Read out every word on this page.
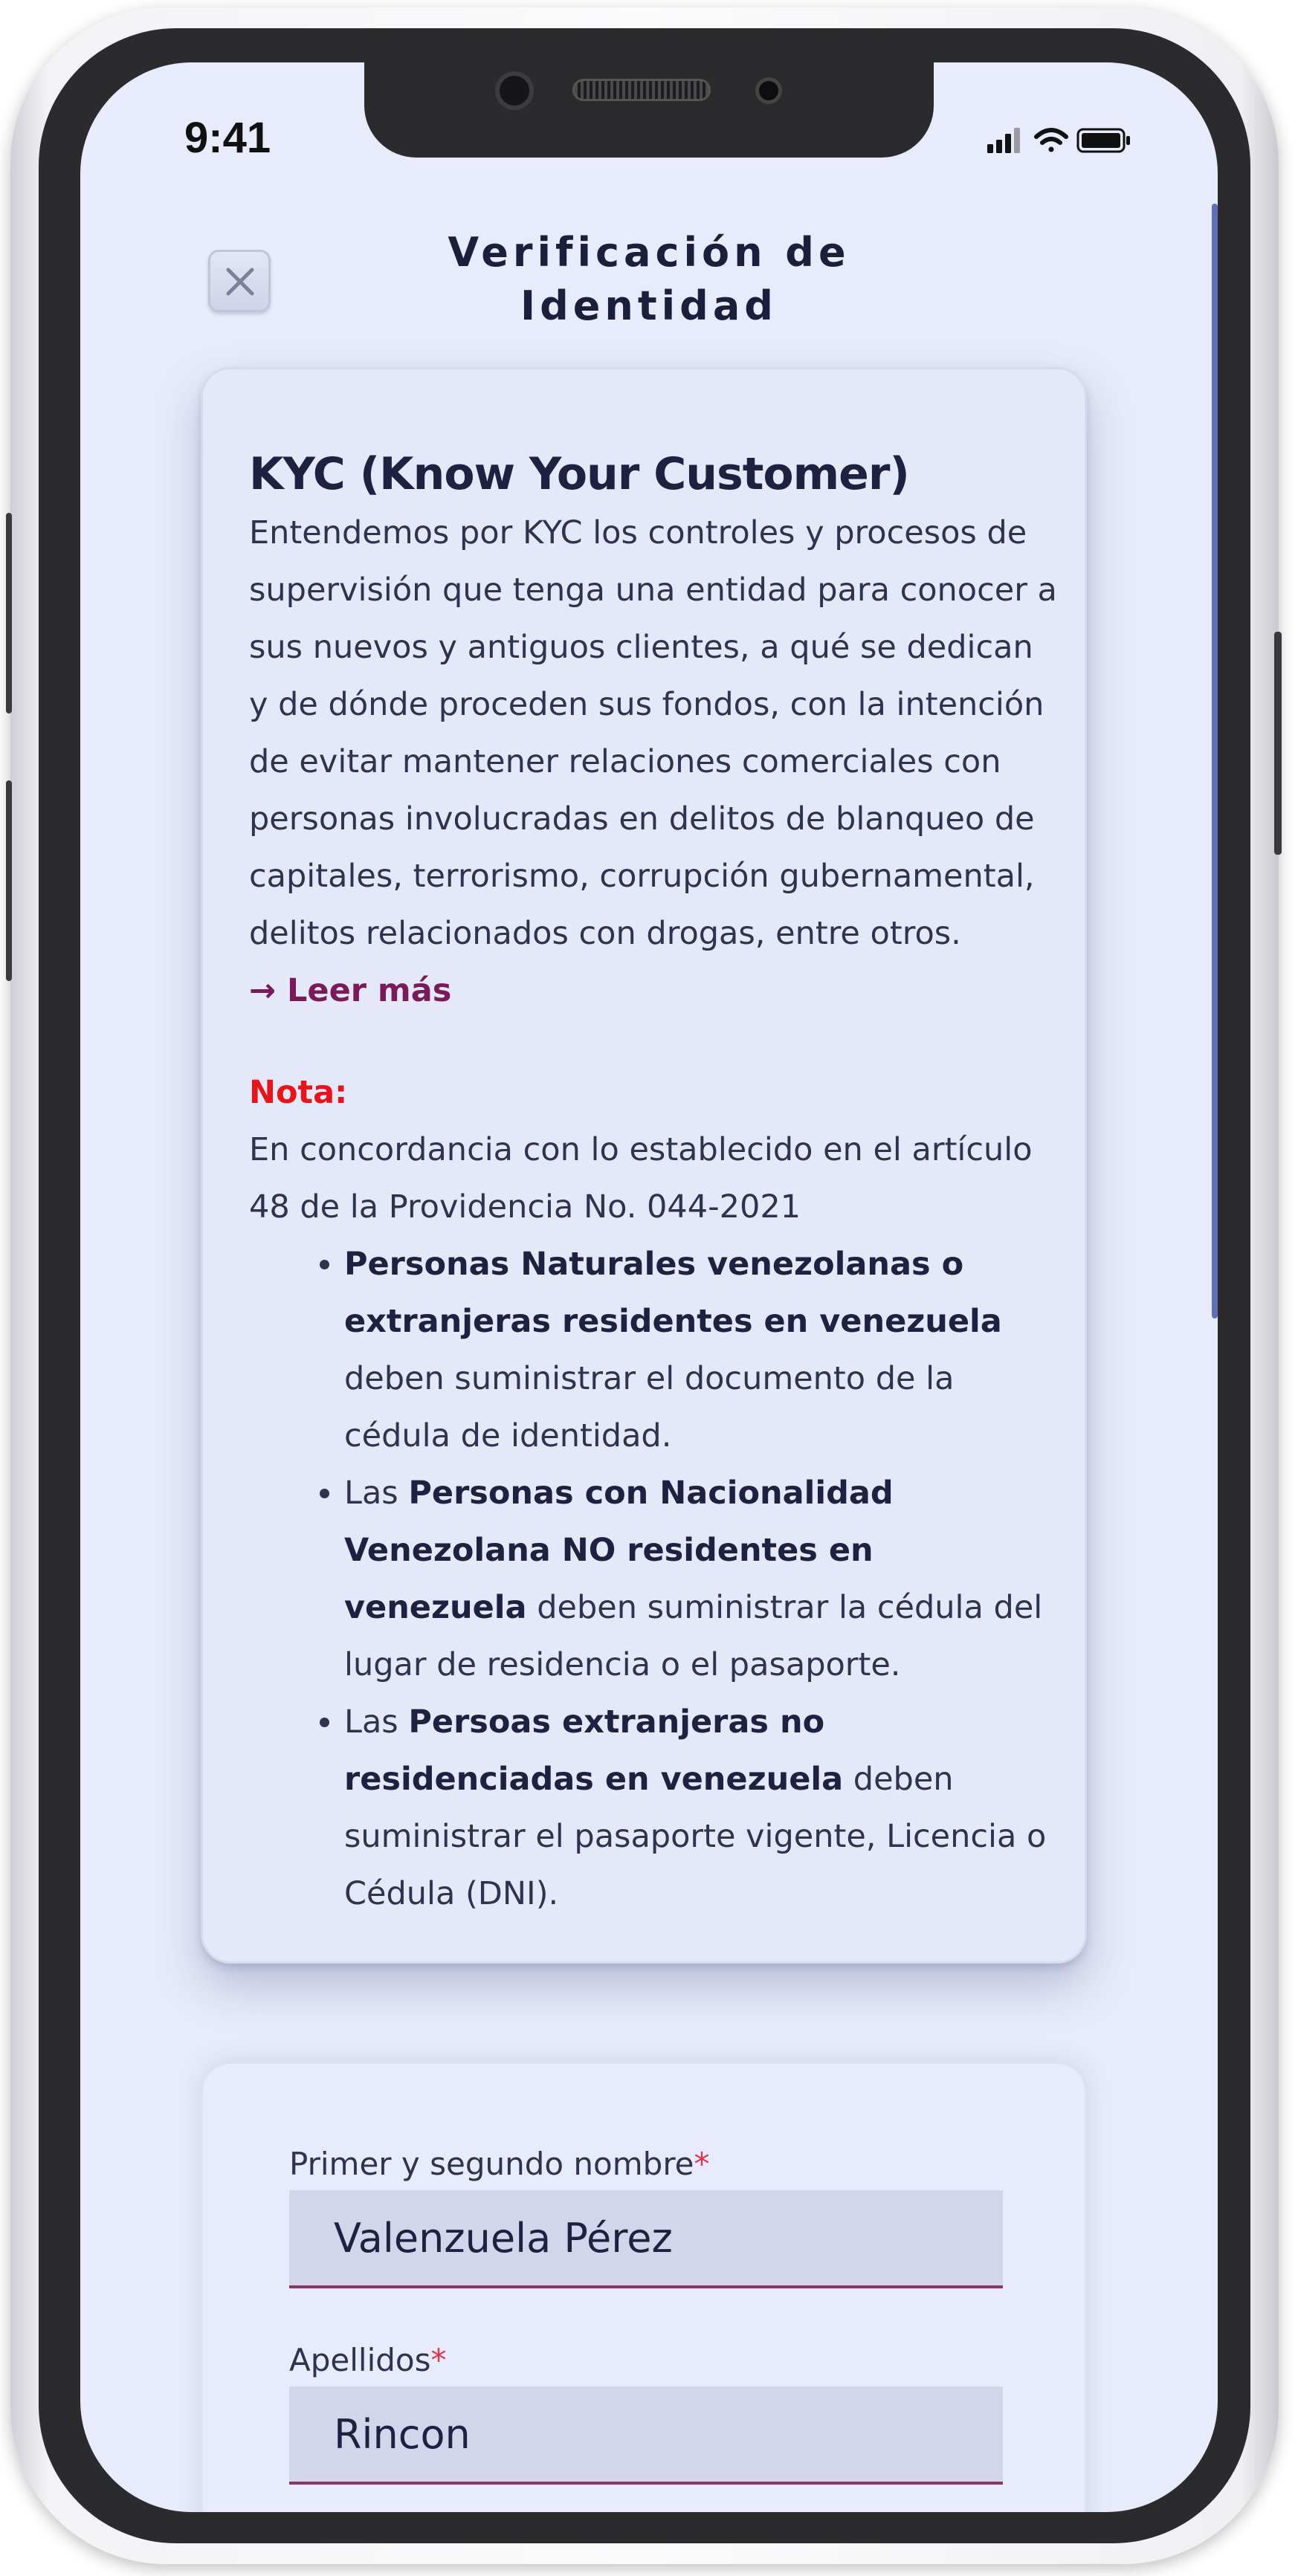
9:41
Verificación de Identidad
KYC (Know Your Customer)

Entendemos por KYC los controles y procesos de supervisión que tenga una entidad para conocer a sus nuevos y antiguos clientes, a qué se dedican y de dónde proceden sus fondos, con la intención de evitar mantener relaciones comerciales con personas involucradas en delitos de blanqueo de capitales, terrorismo, corrupción gubernamental, delitos relacionados con drogas, entre otros. → Leer más

Nota:

En concordancia con lo establecido en el artículo 48 de la Providencia No. 044-2021

• Personas Naturales venezolanas o extranjeras residentes en venezuela deben suministrar el documento de la cédula de identidad.
• Las Personas con Nacionalidad Venezolana NO residentes en venezuela deben suministrar la cédula del lugar de residencia o el pasaporte.
• Las Persoas extranjeras no residenciadas en venezuela deben suministrar el pasaporte vigente, Licencia o Cédula (DNI).
Primer y segundo nombre*
Valenzuela Pérez
Apellidos*
Rincon
